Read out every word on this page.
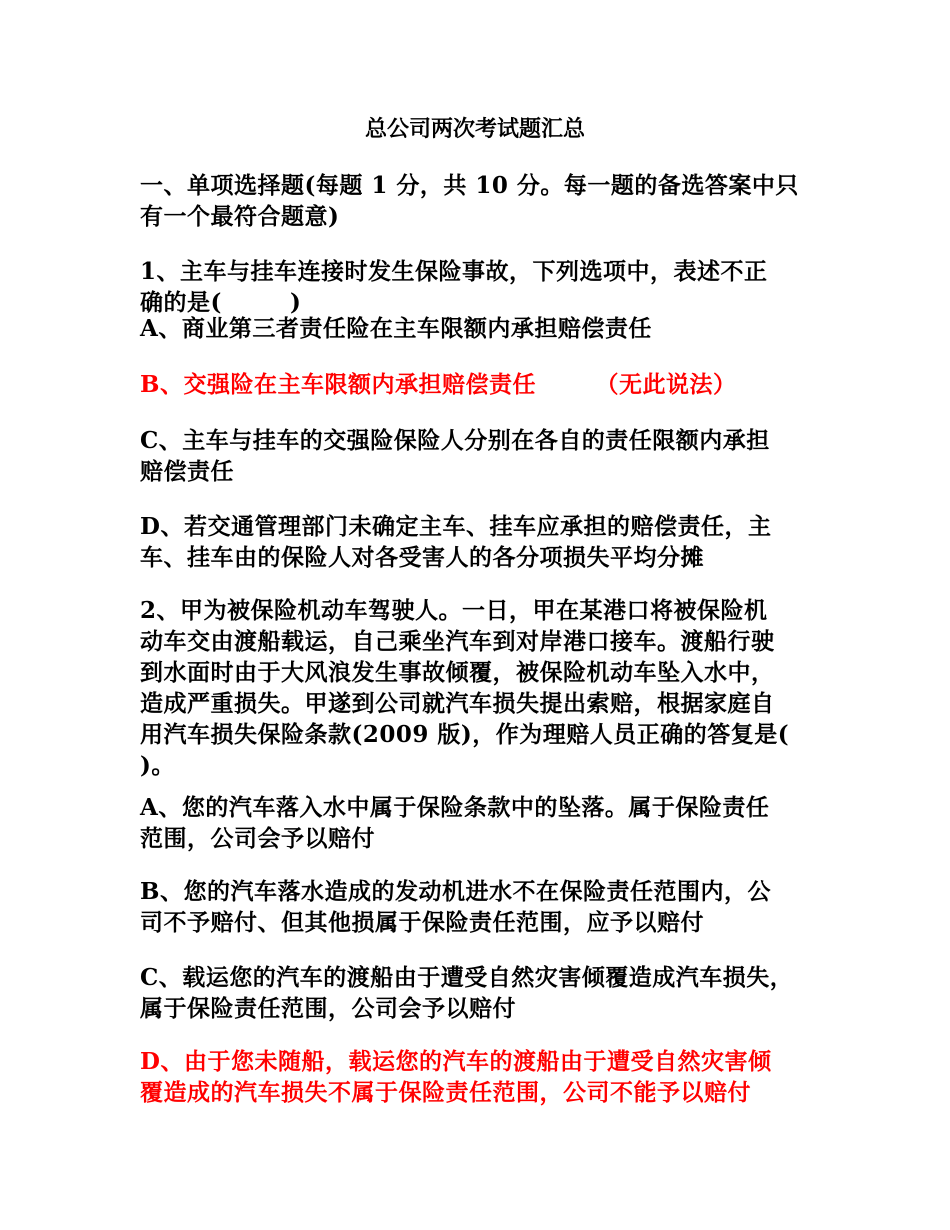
总公司两次考试题汇总
一、单项选择题(每题 1 分，共 10 分。每一题的备选答案中只
有一个最符合题意)
1、主车与挂车连接时发生保险事故，下列选项中，表述不正
确的是(        )
A、商业第三者责任险在主车限额内承担赔偿责任
B、交强险在主车限额内承担赔偿责任       （无此说法）
C、主车与挂车的交强险保险人分别在各自的责任限额内承担
赔偿责任
D、若交通管理部门未确定主车、挂车应承担的赔偿责任，主
车、挂车由的保险人对各受害人的各分项损失平均分摊
2、甲为被保险机动车驾驶人。一日，甲在某港口将被保险机
动车交由渡船载运，自己乘坐汽车到对岸港口接车。渡船行驶
到水面时由于大风浪发生事故倾覆，被保险机动车坠入水中，
造成严重损失。甲遂到公司就汽车损失提出索赔，根据家庭自
用汽车损失保险条款(2009 版)，作为理赔人员正确的答复是(
)。
A、您的汽车落入水中属于保险条款中的坠落。属于保险责任
范围，公司会予以赔付
B、您的汽车落水造成的发动机进水不在保险责任范围内，公
司不予赔付、但其他损属于保险责任范围，应予以赔付
C、载运您的汽车的渡船由于遭受自然灾害倾覆造成汽车损失，
属于保险责任范围，公司会予以赔付
D、由于您未随船，载运您的汽车的渡船由于遭受自然灾害倾
覆造成的汽车损失不属于保险责任范围，公司不能予以赔付
